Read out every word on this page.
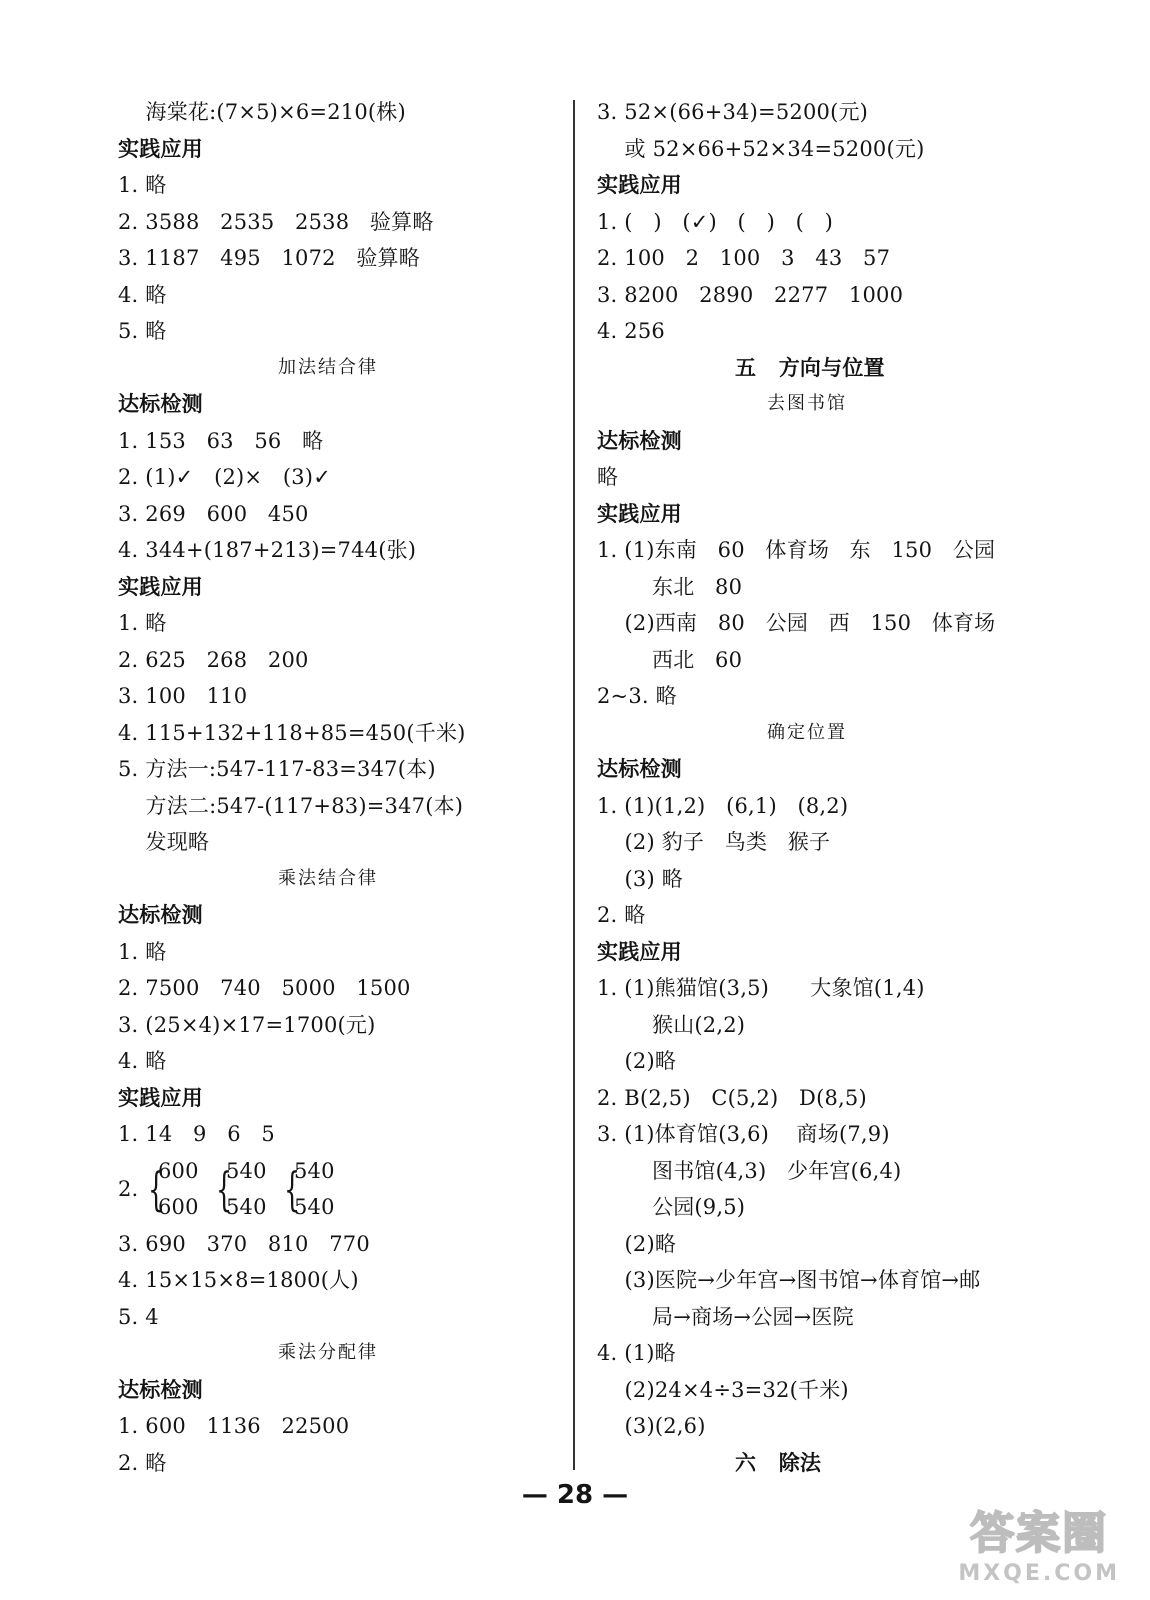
海棠花:(7×5)×6=210(株)
实践应用
1. 略
2. 3588   2535   2538   验算略
3. 1187   495   1072   验算略
4. 略
5. 略
加法结合律
达标检测
1. 153   63   56   略
2. (1)✓   (2)×   (3)✓
3. 269   600   450
4. 344+(187+213)=744(张)
实践应用
1. 略
2. 625   268   200
3. 100   110
4. 115+132+118+85=450(千米)
5. 方法一:547-117-83=347(本)
方法二:547-(117+83)=347(本)
发现略
乘法结合律
达标检测
1. 略
2. 7500   740   5000   1500
3. (25×4)×17=1700(元)
4. 略
实践应用
1. 14   9   6   5
2. {
600
600 {
540
540 {
540
540
3. 690   370   810   770
4. 15×15×8=1800(人)
5. 4
乘法分配律
达标检测
1. 600   1136   22500
2. 略
3. 52×(66+34)=5200(元)
或 52×66+52×34=5200(元)
实践应用
1. (   )   (✓)   (   )   (   )
2. 100   2   100   3   43   57
3. 8200   2890   2277   1000
4. 256
五   方向与位置
去图书馆
达标检测
略
实践应用
1. (1)东南   60   体育场   东   150   公园
东北   80
(2)西南   80   公园   西   150   体育场
西北   60
2~3. 略
确定位置
达标检测
1. (1)(1,2)   (6,1)   (8,2)
(2) 豹子   鸟类   猴子
(3) 略
2. 略
实践应用
1. (1)熊猫馆(3,5)      大象馆(1,4)
猴山(2,2)
(2)略
2. B(2,5)   C(5,2)   D(8,5)
3. (1)体育馆(3,6)    商场(7,9)
图书馆(4,3)   少年宫(6,4)
公园(9,5)
(2)略
(3)医院→少年宫→图书馆→体育馆→邮
局→商场→公园→医院
4. (1)略
(2)24×4÷3=32(千米)
(3)(2,6)
六   除法
— 28 —
答案圈
MXQE.COM
